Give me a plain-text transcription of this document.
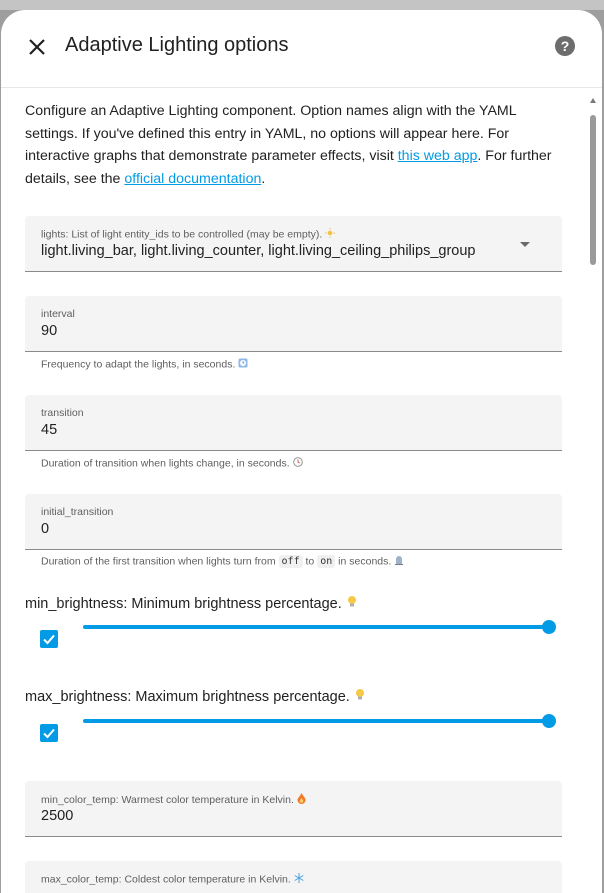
Adaptive Lighting options	?

Configure an Adaptive Lighting component. Option names align with the YAML settings. If you've defined this entry in YAML, no options will appear here. For interactive graphs that demonstrate parameter effects, visit this web app. For further details, see the official documentation.

lights: List of light entity_ids to be controlled (may be empty).
light.living_bar, light.living_counter, light.living_ceiling_philips_group
interval
90
Frequency to adapt the lights, in seconds.
transition
45
Duration of transition when lights change, in seconds.
initial_transition
0
Duration of the first transition when lights turn from off to on in seconds.
min_brightness: Minimum brightness percentage.
max_brightness: Maximum brightness percentage.
min_color_temp: Warmest color temperature in Kelvin.
2500
max_color_temp: Coldest color temperature in Kelvin.
